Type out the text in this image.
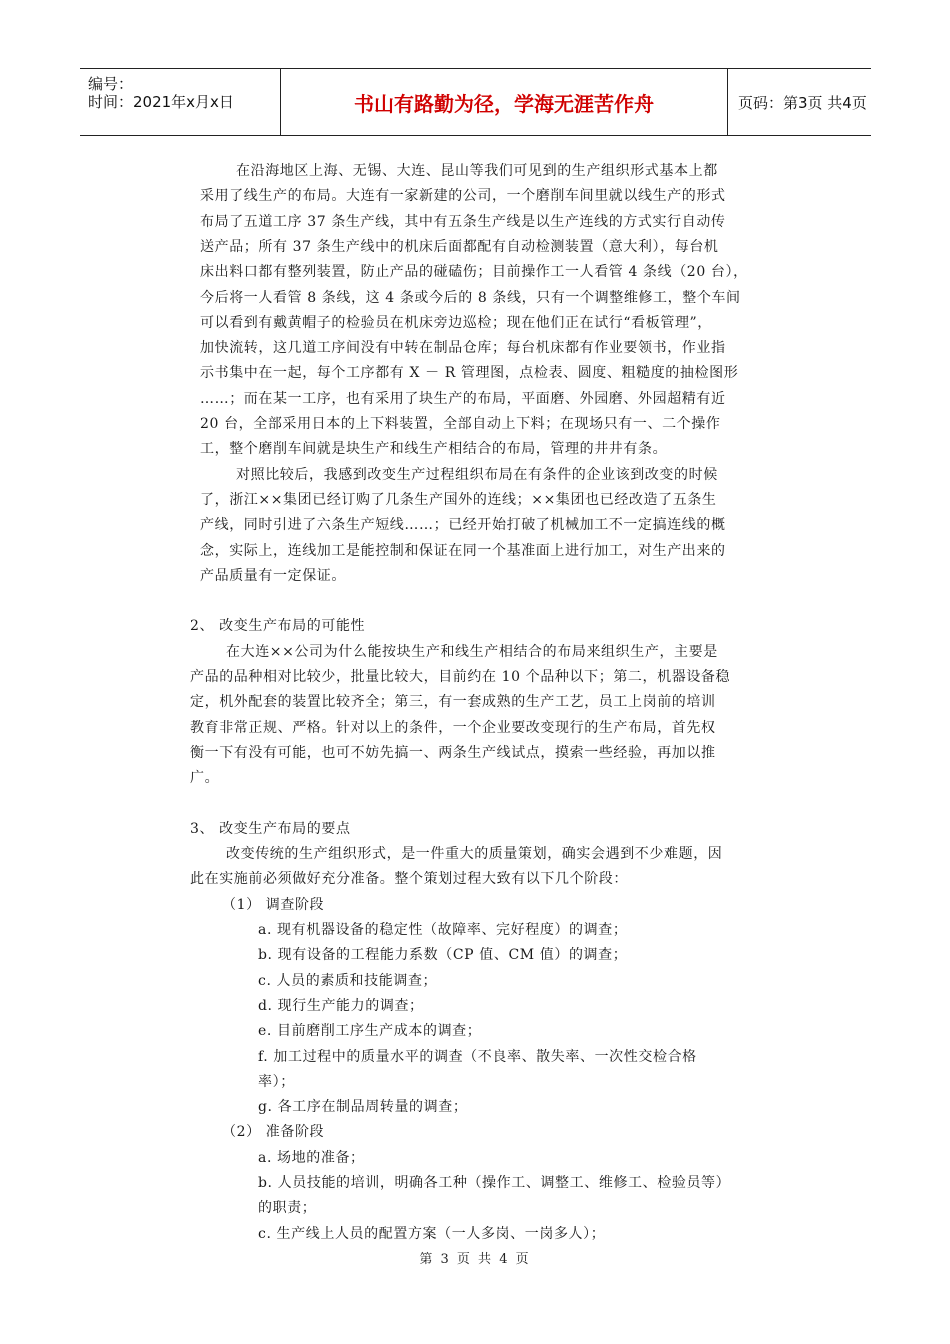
编号：
时间：2021年x月x日	书山有路勤为径，学海无涯苦作舟	页码：第3页 共4页
在沿海地区上海、无锡、大连、昆山等我们可见到的生产组织形式基本上都
采用了线生产的布局。大连有一家新建的公司，一个磨削车间里就以线生产的形式
布局了五道工序 37 条生产线，其中有五条生产线是以生产连线的方式实行自动传
送产品；所有 37 条生产线中的机床后面都配有自动检测装置（意大利），每台机
床出料口都有整列装置，防止产品的碰磕伤；目前操作工一人看管 4 条线（20 台），
今后将一人看管 8 条线，这 4 条或今后的 8 条线，只有一个调整维修工，整个车间
可以看到有戴黄帽子的检验员在机床旁边巡检；现在他们正在试行“看板管理”，
加快流转，这几道工序间没有中转在制品仓库；每台机床都有作业要领书，作业指
示书集中在一起，每个工序都有 X － R 管理图，点检表、圆度、粗糙度的抽检图形
……；而在某一工序，也有采用了块生产的布局，平面磨、外园磨、外园超精有近
20 台，全部采用日本的上下料装置，全部自动上下料；在现场只有一、二个操作
工，整个磨削车间就是块生产和线生产相结合的布局，管理的井井有条。
对照比较后，我感到改变生产过程组织布局在有条件的企业该到改变的时候
了，浙江××集团已经订购了几条生产国外的连线；××集团也已经改造了五条生
产线，同时引进了六条生产短线……；已经开始打破了机械加工不一定搞连线的概
念，实际上，连线加工是能控制和保证在同一个基准面上进行加工，对生产出来的
产品质量有一定保证。
2、 改变生产布局的可能性
在大连××公司为什么能按块生产和线生产相结合的布局来组织生产，主要是
产品的品种相对比较少，批量比较大，目前约在 10 个品种以下；第二，机器设备稳
定，机外配套的装置比较齐全；第三，有一套成熟的生产工艺，员工上岗前的培训
教育非常正规、严格。针对以上的条件，一个企业要改变现行的生产布局，首先权
衡一下有没有可能，也可不妨先搞一、两条生产线试点，摸索一些经验，再加以推
广。
3、 改变生产布局的要点
改变传统的生产组织形式，是一件重大的质量策划，确实会遇到不少难题，因
此在实施前必须做好充分准备。整个策划过程大致有以下几个阶段：
（1） 调查阶段
a. 现有机器设备的稳定性（故障率、完好程度）的调查；
b. 现有设备的工程能力系数（CP 值、CM 值）的调查；
c. 人员的素质和技能调查；
d. 现行生产能力的调查；
e. 目前磨削工序生产成本的调查；
f. 加工过程中的质量水平的调查（不良率、散失率、一次性交检合格
率）；
g. 各工序在制品周转量的调查；
（2） 准备阶段
a. 场地的准备；
b. 人员技能的培训，明确各工种（操作工、调整工、维修工、检验员等）
的职责；
c. 生产线上人员的配置方案（一人多岗、一岗多人）；
第 3 页 共 4 页
